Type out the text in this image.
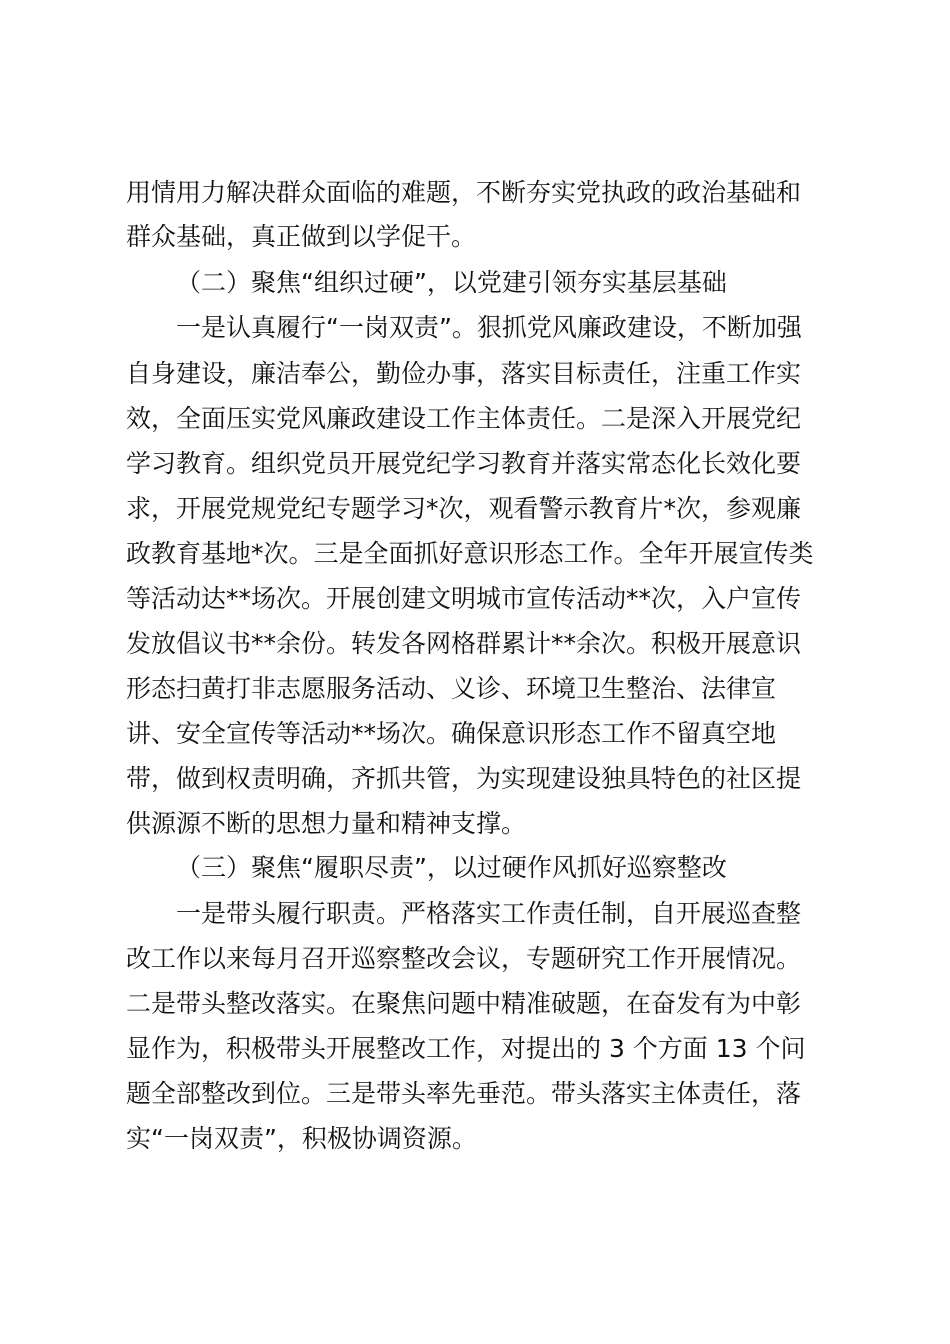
用情用力解决群众面临的难题，不断夯实党执政的政治基础和
群众基础，真正做到以学促干。
（二）聚焦“组织过硬”，以党建引领夯实基层基础
一是认真履行“一岗双责”。狠抓党风廉政建设，不断加强
自身建设，廉洁奉公，勤俭办事，落实目标责任，注重工作实
效，全面压实党风廉政建设工作主体责任。二是深入开展党纪
学习教育。组织党员开展党纪学习教育并落实常态化长效化要
求，开展党规党纪专题学习*次，观看警示教育片*次，参观廉
政教育基地*次。三是全面抓好意识形态工作。全年开展宣传类
等活动达**场次。开展创建文明城市宣传活动**次，入户宣传
发放倡议书**余份。转发各网格群累计**余次。积极开展意识
形态扫黄打非志愿服务活动、义诊、环境卫生整治、法律宣
讲、安全宣传等活动**场次。确保意识形态工作不留真空地
带，做到权责明确，齐抓共管，为实现建设独具特色的社区提
供源源不断的思想力量和精神支撑。
（三）聚焦“履职尽责”，以过硬作风抓好巡察整改
一是带头履行职责。严格落实工作责任制，自开展巡查整
改工作以来每月召开巡察整改会议，专题研究工作开展情况。
二是带头整改落实。在聚焦问题中精准破题，在奋发有为中彰
显作为，积极带头开展整改工作，对提出的 3 个方面 13 个问
题全部整改到位。三是带头率先垂范。带头落实主体责任，落
实“一岗双责”，积极协调资源。
